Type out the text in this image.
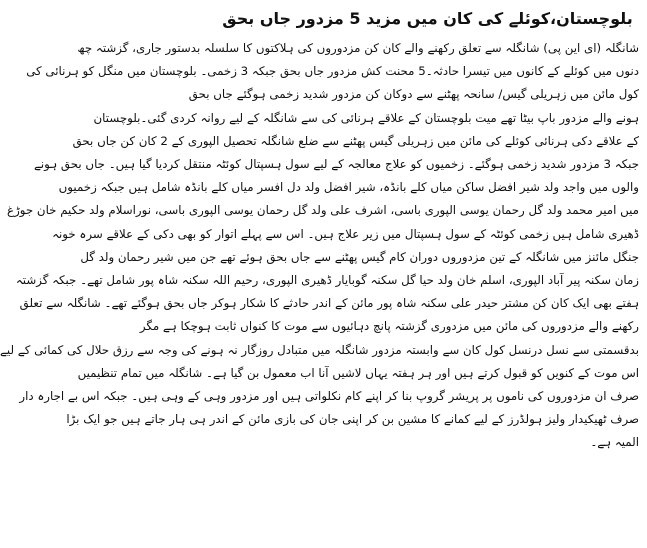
بلوچستان،کوئلے کی کان میں مزید 5 مزدور جاں بحق
شانگلہ (ای این پی) شانگلہ سے تعلق رکھنے والے کان کن مزدوروں کی ہلاکتوں کا سلسلہ بدستور جاری، گزشتہ چھ
دنوں میں کوئلے کے کانوں میں تیسرا حادثہ۔5 محنت کش مزدور جاں بحق جبکہ 3 زخمی۔ بلوچستان میں منگل کو ہرنائی کی
کول مائن میں زہریلی گیس/ سانحہ پھٹنے سے دوکان کن مزدور شدید زخمی ہوگئے جاں بحق
ہونے والے مزدور باپ بیٹا تھے میت بلوچستان کے علاقے ہرنائی کی سے شانگلہ کے لیے روانہ کردی گئی۔بلوچستان
کے علاقے دکی ہرنائی کوئلے کی مائن میں زہریلی گیس پھٹنے سے ضلع شانگلہ تحصیل الپوری کے 2 کان کن جاں بحق
جبکہ 3 مزدور شدید زخمی ہوگئے۔ زخمیوں کو علاج معالجہ کے لیے سول ہسپتال کوئٹہ منتقل کردیا گیا ہیں۔ جاں بحق ہونے
والوں میں واجد ولد شیر افضل ساکن میاں کلے بانڈہ، شیر افضل ولد دل افسر میاں کلے بانڈہ شامل ہیں جبکہ زخمیوں
میں امیر محمد ولد گل رحمان یوسی الپوری باسی، اشرف علی ولد گل رحمان یوسی الپوری باسی، نوراسلام ولد حکیم خان جوڑغ
ڈھیری شامل ہیں زخمی کوئٹہ کے سول ہسپتال میں زیر علاج ہیں۔ اس سے پہلے اتوار کو بھی دکی کے علاقے سرہ خونہ
جنگل مائنز میں شانگلہ کے تین مزدوروں دوران کام گیس پھٹنے سے جاں بحق ہوئے تھے جن میں شیر رحمان ولد گل
زمان سکنہ پیر آباد الپوری، اسلم خان ولد حیا گل سکنہ گوبایار ڈھیری الپوری، رحیم اللہ سکنہ شاہ پور شامل تھے۔ جبکہ گزشتہ
ہفتے بھی ایک کان کن مشتر حیدر علی سکنہ شاہ پور مائن کے اندر حادثے کا شکار ہوکر جاں بحق ہوگئے تھے۔ شانگلہ سے تعلق
رکھنے والے مزدوروں کی مائن میں مزدوری گزشتہ پانچ دہائیوں سے موت کا کنواں ثابت ہوچکا ہے مگر
بدقسمتی سے نسل درنسل کول کان سے وابستہ مزدور شانگلہ میں متبادل روزگار نہ ہونے کی وجہ سے رزق حلال کی کمائی کے لیے
اس موت کے کنویں کو قبول کرتے ہیں اور ہر ہفتہ یہاں لاشیں آنا اب معمول بن گیا ہے۔ شانگلہ میں تمام تنظیمیں
صرف ان مزدوروں کی ناموں پر پریشر گروپ بنا کر اپنے کام نکلواتی ہیں اور مزدور وہی کے وہی ہیں۔ جبکہ اس بے اجارہ دار
صرف ٹھیکیدار ولیز ہولڈرز کے لیے کمانے کا مشین بن کر اپنی جان کی بازی مائن کے اندر ہی ہار جاتے ہیں جو ایک بڑا
المیہ ہے۔
